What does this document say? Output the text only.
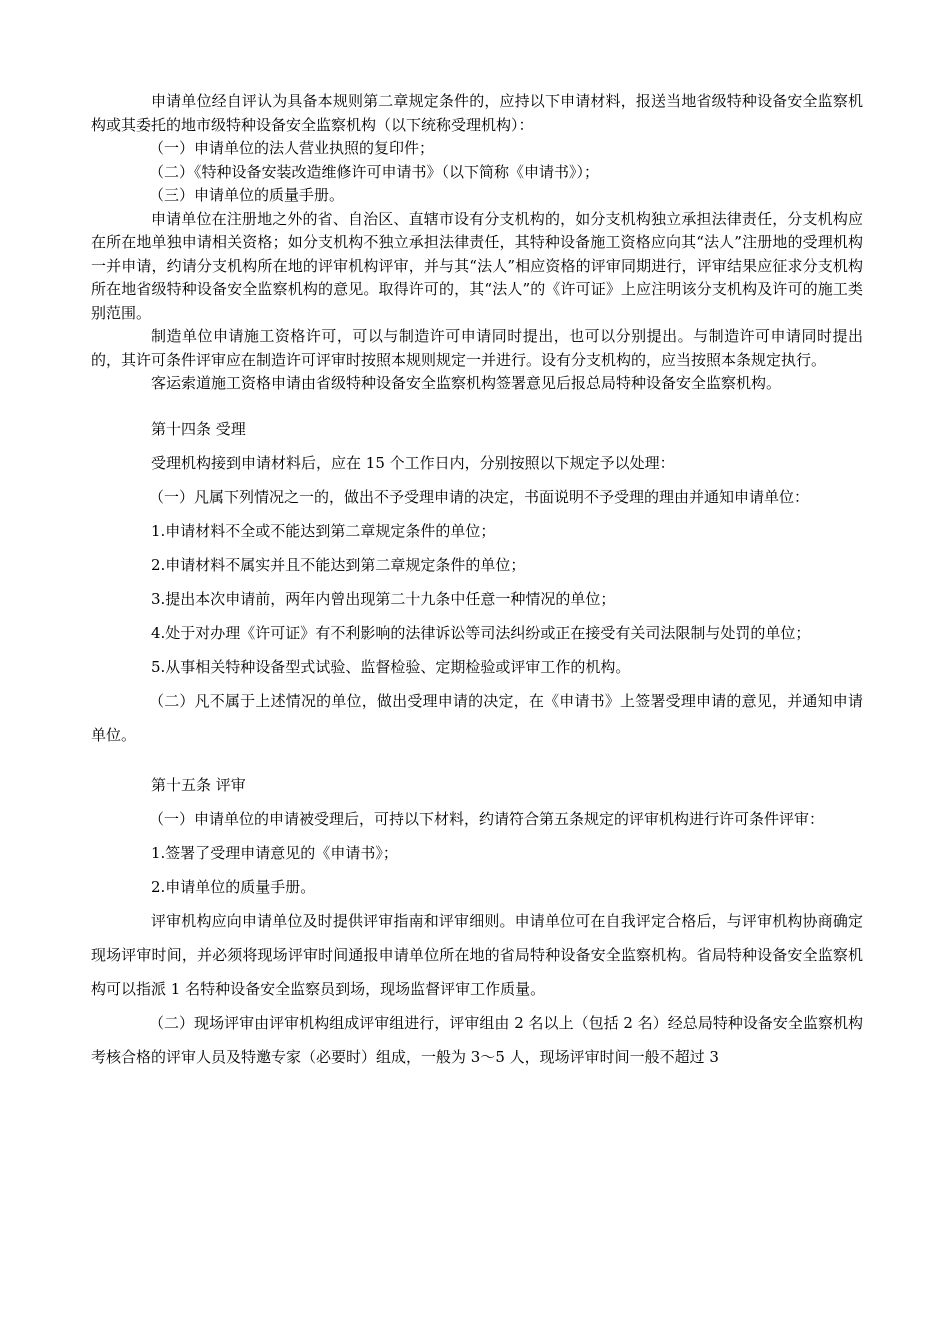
申请单位经自评认为具备本规则第二章规定条件的，应持以下申请材料，报送当地省级特种设备安全监察机构或其委托的地市级特种设备安全监察机构（以下统称受理机构）：

（一）申请单位的法人营业执照的复印件；

（二）《特种设备安装改造维修许可申请书》（以下简称《申请书》）；

（三）申请单位的质量手册。

申请单位在注册地之外的省、自治区、直辖市设有分支机构的，如分支机构独立承担法律责任，分支机构应在所在地单独申请相关资格；如分支机构不独立承担法律责任，其特种设备施工资格应向其“法人”注册地的受理机构一并申请，约请分支机构所在地的评审机构评审，并与其“法人”相应资格的评审同期进行，评审结果应征求分支机构所在地省级特种设备安全监察机构的意见。取得许可的，其“法人”的《许可证》上应注明该分支机构及许可的施工类别范围。

制造单位申请施工资格许可，可以与制造许可申请同时提出，也可以分别提出。与制造许可申请同时提出的，其许可条件评审应在制造许可评审时按照本规则规定一并进行。设有分支机构的，应当按照本条规定执行。

客运索道施工资格申请由省级特种设备安全监察机构签署意见后报总局特种设备安全监察机构。

第十四条 受理

受理机构接到申请材料后，应在 15 个工作日内，分别按照以下规定予以处理：

（一）凡属下列情况之一的，做出不予受理申请的决定，书面说明不予受理的理由并通知申请单位：

1.申请材料不全或不能达到第二章规定条件的单位；

2.申请材料不属实并且不能达到第二章规定条件的单位；

3.提出本次申请前，两年内曾出现第二十九条中任意一种情况的单位；

4.处于对办理《许可证》有不利影响的法律诉讼等司法纠纷或正在接受有关司法限制与处罚的单位；

5.从事相关特种设备型式试验、监督检验、定期检验或评审工作的机构。

（二）凡不属于上述情况的单位，做出受理申请的决定，在《申请书》上签署受理申请的意见，并通知申请单位。

第十五条 评审

（一）申请单位的申请被受理后，可持以下材料，约请符合第五条规定的评审机构进行许可条件评审：

1.签署了受理申请意见的《申请书》；

2.申请单位的质量手册。

评审机构应向申请单位及时提供评审指南和评审细则。申请单位可在自我评定合格后，与评审机构协商确定现场评审时间，并必须将现场评审时间通报申请单位所在地的省局特种设备安全监察机构。省局特种设备安全监察机构可以指派 1 名特种设备安全监察员到场，现场监督评审工作质量。

（二）现场评审由评审机构组成评审组进行，评审组由 2 名以上（包括 2 名）经总局特种设备安全监察机构考核合格的评审人员及特邀专家（必要时）组成，一般为 3～5 人，现场评审时间一般不超过 3
